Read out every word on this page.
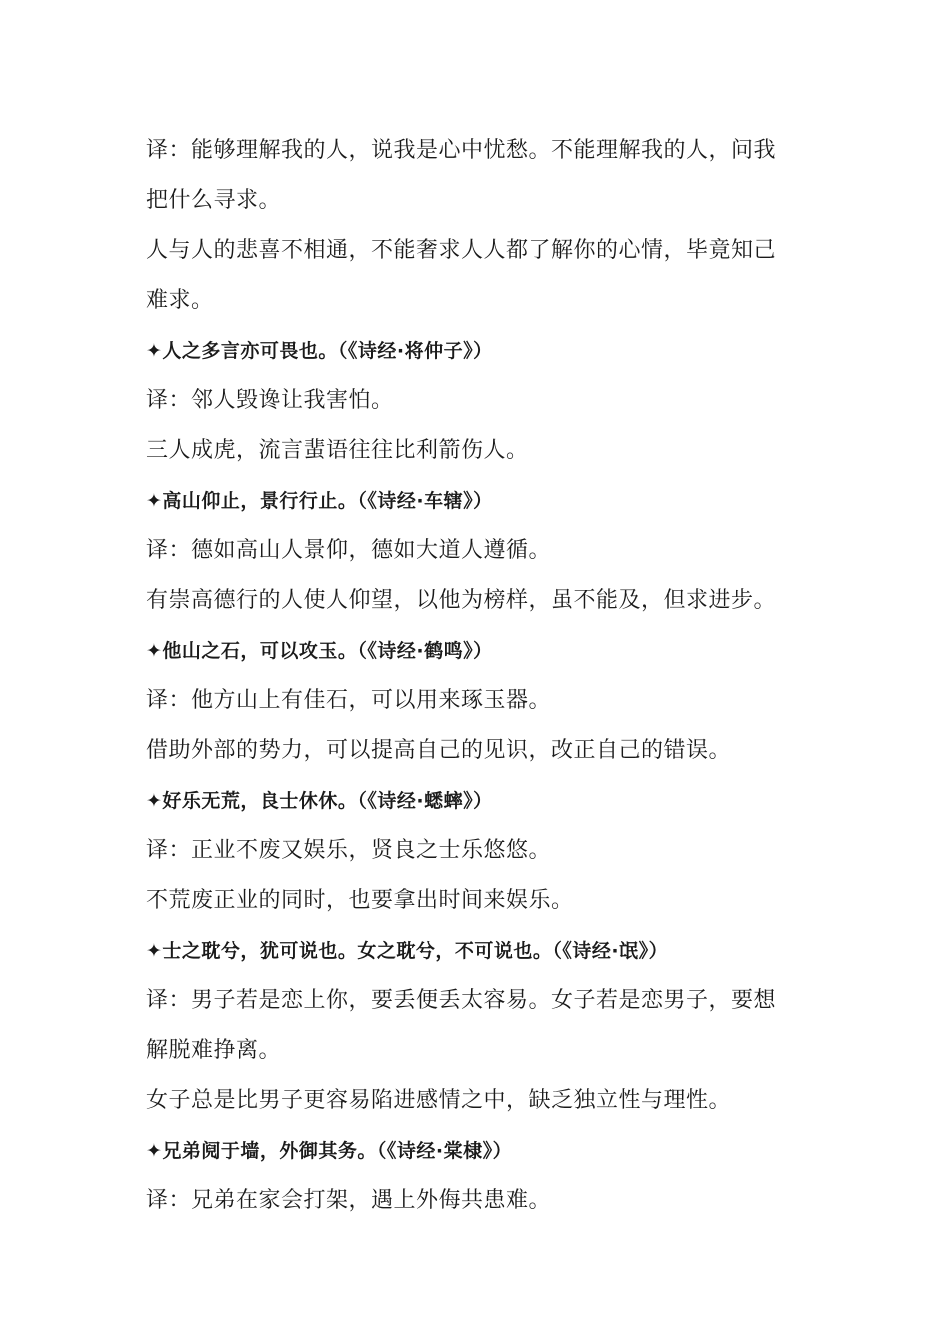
译：能够理解我的人，说我是心中忧愁。不能理解我的人，问我
把什么寻求。
人与人的悲喜不相通，不能奢求人人都了解你的心情，毕竟知己
难求。
✦人之多言亦可畏也。（《诗经·将仲子》）
译：邻人毁谗让我害怕。
三人成虎，流言蜚语往往比利箭伤人。
✦高山仰止，景行行止。（《诗经·车辖》）
译：德如高山人景仰，德如大道人遵循。
有崇高德行的人使人仰望，以他为榜样，虽不能及，但求进步。
✦他山之石，可以攻玉。（《诗经·鹤鸣》）
译：他方山上有佳石，可以用来琢玉器。
借助外部的势力，可以提高自己的见识，改正自己的错误。
✦好乐无荒，良士休休。（《诗经·蟋蟀》）
译：正业不废又娱乐，贤良之士乐悠悠。
不荒废正业的同时，也要拿出时间来娱乐。
✦士之耽兮，犹可说也。女之耽兮，不可说也。（《诗经·氓》）
译：男子若是恋上你，要丢便丢太容易。女子若是恋男子，要想
解脱难挣离。
女子总是比男子更容易陷进感情之中，缺乏独立性与理性。
✦兄弟阋于墙，外御其务。（《诗经·棠棣》）
译：兄弟在家会打架，遇上外侮共患难。
